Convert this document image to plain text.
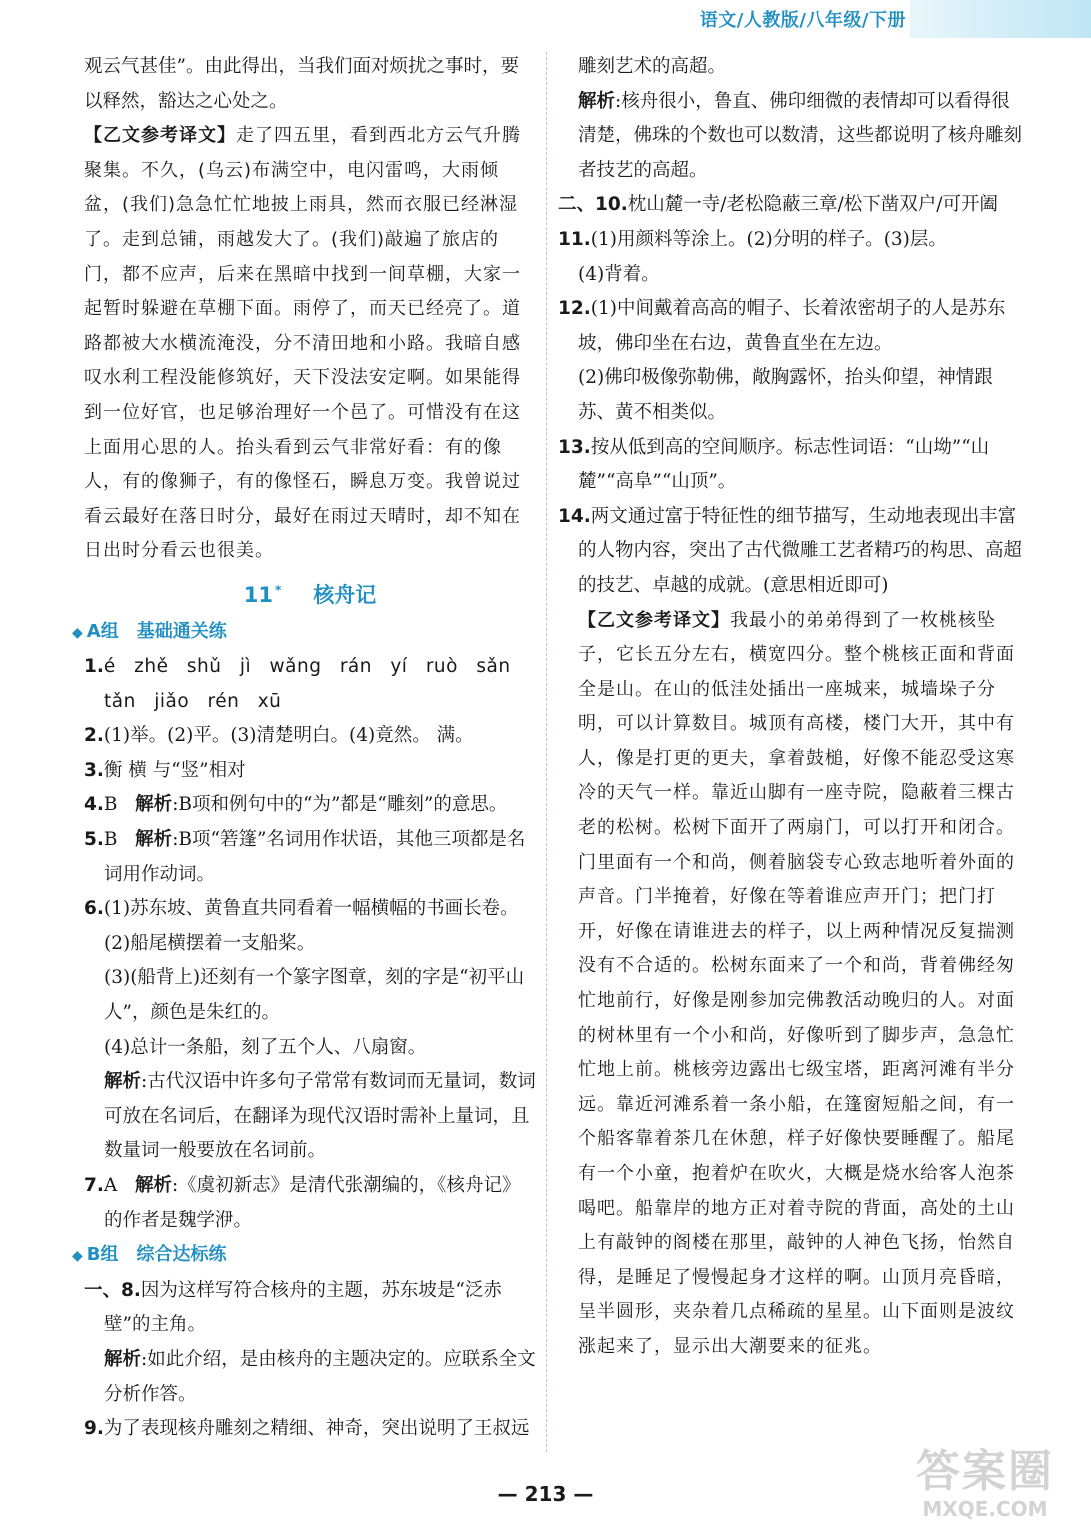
语文/人教版/八年级/下册

观云气甚佳”。由此得出，当我们面对烦扰之事时，要以释然，豁达之心处之。

【乙文参考译文】走了四五里，看到西北方云气升腾聚集。不久，(乌云)布满空中，电闪雷鸣，大雨倾盆，(我们)急急忙忙地披上雨具，然而衣服已经淋湿了。走到总铺，雨越发大了。(我们)敲遍了旅店的门，都不应声，后来在黑暗中找到一间草棚，大家一起暂时躲避在草棚下面。雨停了，而天已经亮了。道路都被大水横流淹没，分不清田地和小路。我暗自感叹水利工程没能修筑好，天下没法安定啊。如果能得到一位好官，也足够治理好一个邑了。可惜没有在这上面用心思的人。抬头看到云气非常好看：有的像人，有的像狮子，有的像怪石，瞬息万变。我曾说过看云最好在落日时分，最好在雨过天晴时，却不知在日出时分看云也很美。

11 * 核舟记
◆ A组 基础通关练
1.é zhě shǔ jì wǎng rán yí ruò sǎn
tǎn jiǎo rén xū
2.(1)举。(2)平。(3)清楚明白。(4)竟然。 满。
3.衡 横 与“竖”相对
4.B 解析:B项和例句中的“为”都是“雕刻”的意思。
5.B 解析:B项“箬篷”名词用作状语，其他三项都是名词用作动词。
6.(1)苏东坡、黄鲁直共同看着一幅横幅的书画长卷。
(2)船尾横摆着一支船桨。
(3)(船背上)还刻有一个篆字图章，刻的字是“初平山人”，颜色是朱红的。
(4)总计一条船，刻了五个人、八扇窗。
解析:古代汉语中许多句子常常有数词而无量词，数词可放在名词后，在翻译为现代汉语时需补上量词，且数量词一般要放在名词前。
7.A 解析:《虞初新志》是清代张潮编的，《核舟记》的作者是魏学洢。
◆ B组 综合达标练
一、8.因为这样写符合核舟的主题，苏东坡是“泛赤壁”的主角。
解析:如此介绍，是由核舟的主题决定的。应联系全文分析作答。
9.为了表现核舟雕刻之精细、神奇，突出说明了王叔远
雕刻艺术的高超。
解析:核舟很小，鲁直、佛印细微的表情却可以看得很清楚，佛珠的个数也可以数清，这些都说明了核舟雕刻者技艺的高超。
二、10.枕山麓一寺/老松隐蔽三章/松下凿双户/可开阖
11.(1)用颜料等涂上。(2)分明的样子。(3)层。
(4)背着。
12.(1)中间戴着高高的帽子、长着浓密胡子的人是苏东坡，佛印坐在右边，黄鲁直坐在左边。
(2)佛印极像弥勒佛，敞胸露怀，抬头仰望，神情跟苏、黄不相类似。
13.按从低到高的空间顺序。标志性词语：“山坳”“山麓”“高阜”“山顶”。
14.两文通过富于特征性的细节描写，生动地表现出丰富的人物内容，突出了古代微雕工艺者精巧的构思、高超的技艺、卓越的成就。(意思相近即可)

【乙文参考译文】我最小的弟弟得到了一枚桃核坠子，它长五分左右，横宽四分。整个桃核正面和背面全是山。在山的低洼处插出一座城来，城墙垛子分明，可以计算数目。城顶有高楼，楼门大开，其中有人，像是打更的更夫，拿着鼓槌，好像不能忍受这寒冷的天气一样。靠近山脚有一座寺院，隐蔽着三棵古老的松树。松树下面开了两扇门，可以打开和闭合。门里面有一个和尚，侧着脑袋专心致志地听着外面的声音。门半掩着，好像在等着谁应声开门；把门打开，好像在请谁进去的样子，以上两种情况反复揣测没有不合适的。松树东面来了一个和尚，背着佛经匆忙地前行，好像是刚参加完佛教活动晚归的人。对面的树林里有一个小和尚，好像听到了脚步声，急急忙忙地上前。桃核旁边露出七级宝塔，距离河滩有半分远。靠近河滩系着一条小船，在篷窗短船之间，有一个船客靠着茶几在休憩，样子好像快要睡醒了。船尾有一个小童，抱着炉在吹火，大概是烧水给客人泡茶喝吧。船靠岸的地方正对着寺院的背面，高处的土山上有敲钟的阁楼在那里，敲钟的人神色飞扬，怡然自得，是睡足了慢慢起身才这样的啊。山顶月亮昏暗，呈半圆形，夹杂着几点稀疏的星星。山下面则是波纹涨起来了，显示出大潮要来的征兆。

— 213 —	答案圈
MXQE.COM
